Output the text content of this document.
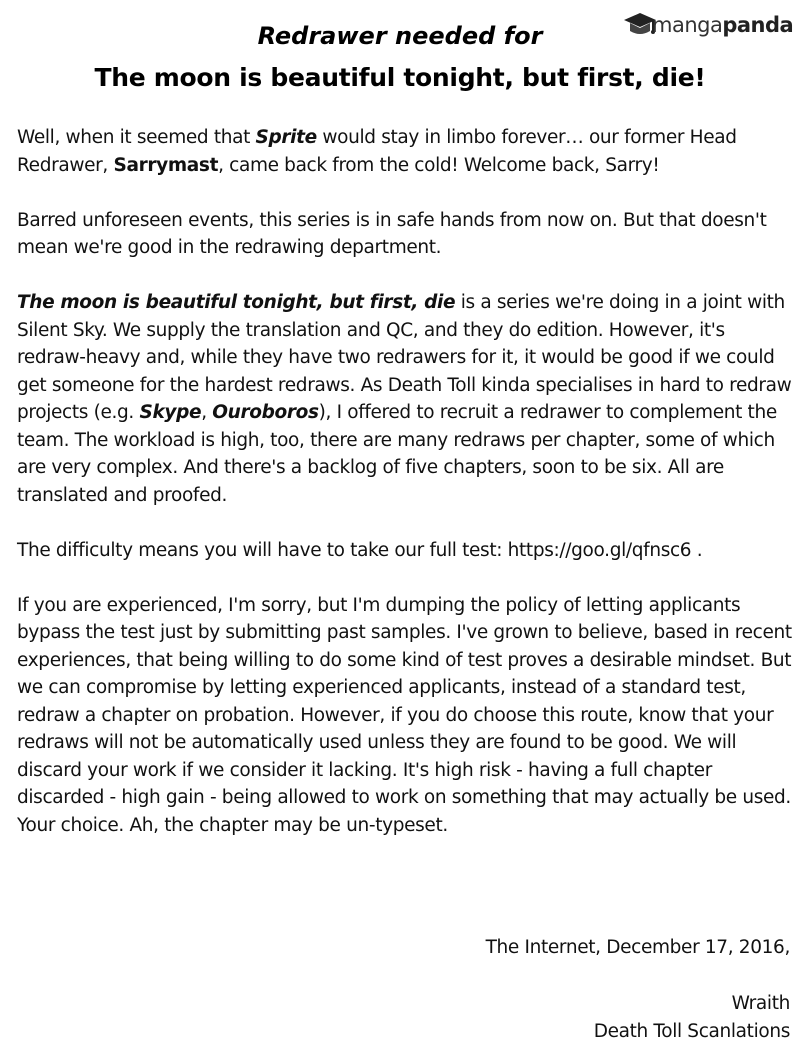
mangapanda
Redrawer needed for
The moon is beautiful tonight, but first, die!

Well, when it seemed that Sprite would stay in limbo forever… our former Head Redrawer, Sarrymast, came back from the cold! Welcome back, Sarry!

Barred unforeseen events, this series is in safe hands from now on. But that doesn't mean we're good in the redrawing department.

The moon is beautiful tonight, but first, die is a series we're doing in a joint with Silent Sky. We supply the translation and QC, and they do edition. However, it's redraw-heavy and, while they have two redrawers for it, it would be good if we could get someone for the hardest redraws. As Death Toll kinda specialises in hard to redraw projects (e.g. Skype, Ouroboros), I offered to recruit a redrawer to complement the team. The workload is high, too, there are many redraws per chapter, some of which are very complex. And there's a backlog of five chapters, soon to be six. All are translated and proofed.

The difficulty means you will have to take our full test: https://goo.gl/qfnsc6 .

If you are experienced, I'm sorry, but I'm dumping the policy of letting applicants bypass the test just by submitting past samples. I've grown to believe, based in recent experiences, that being willing to do some kind of test proves a desirable mindset. But we can compromise by letting experienced applicants, instead of a standard test, redraw a chapter on probation. However, if you do choose this route, know that your redraws will not be automatically used unless they are found to be good. We will discard your work if we consider it lacking. It's high risk - having a full chapter discarded - high gain - being allowed to work on something that may actually be used. Your choice. Ah, the chapter may be un-typeset.

The Internet, December 17, 2016,
Wraith
Death Toll Scanlations
